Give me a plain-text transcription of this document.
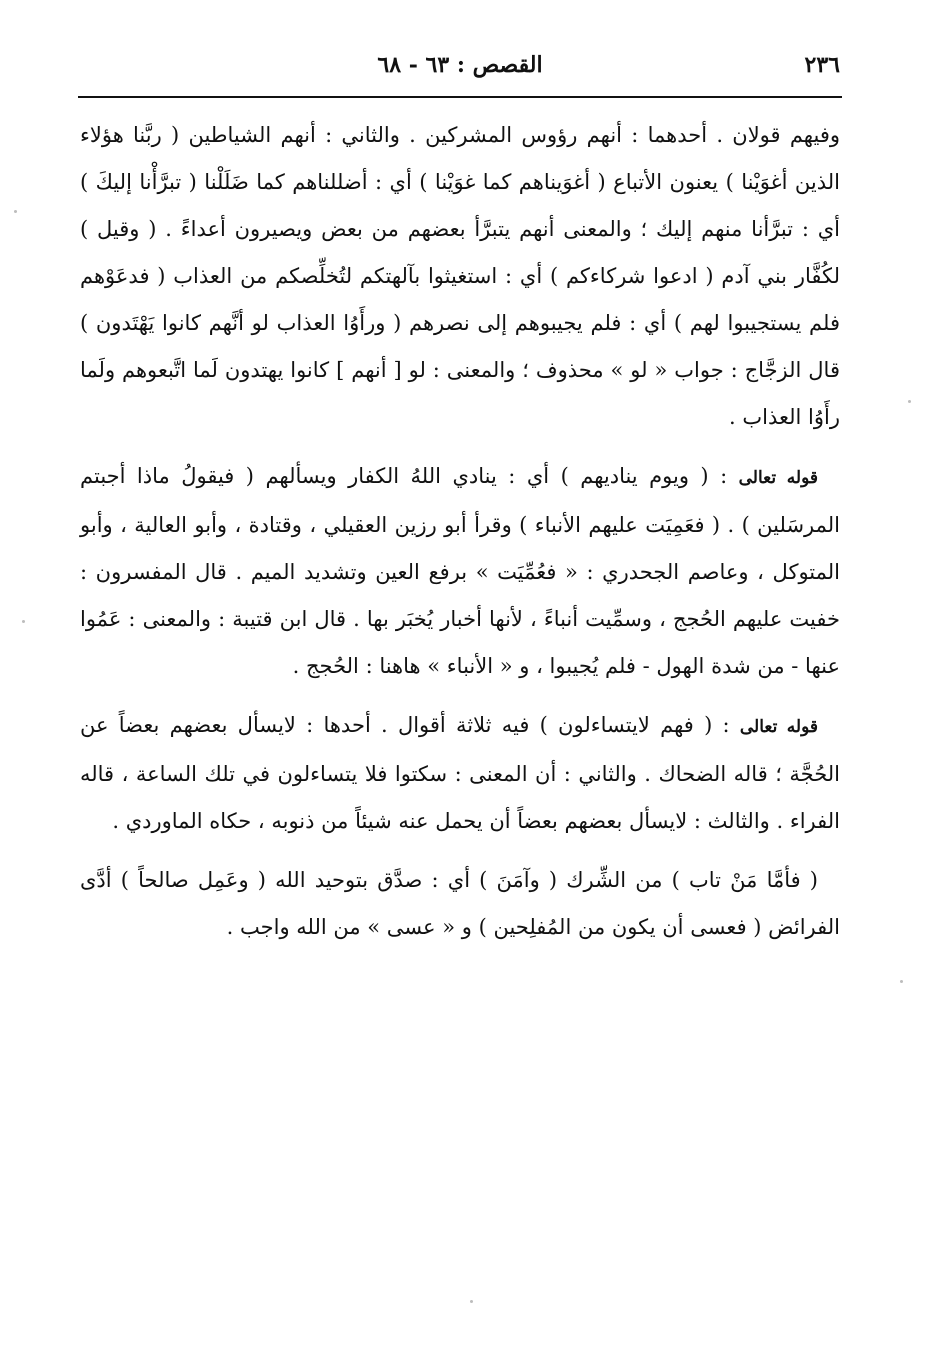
٢٣٦
القصص : ٦٣ - ٦٨

وفيهم قولان . أحدهما : أنهم رؤوس المشركين . والثاني : أنهم الشياطين ( ربَّنا هؤلاء الذين أغوَيْنا ) يعنون الأتباع ( أغوَيناهم كما غوَيْنا ) أي : أضللناهم كما ضَلَلْنا ( تبرَّأْنا إليكَ ) أي : تبرَّأنا منهم إليك ؛ والمعنى أنهم يتبرَّأ بعضهم من بعض ويصيرون أعداءً . ( وقيل ) لكُفَّار بني آدم ( ادعوا شركاءكم ) أي : استغيثوا بآلهتكم لتُخلِّصكم من العذاب ( فدعَوْهم فلم يستجيبوا لهم ) أي : فلم يجيبوهم إلى نصرهم ( ورأَوُا العذاب لو أنَّهم كانوا يَهْتَدون ) قال الزجَّاج : جواب « لو » محذوف ؛ والمعنى : لو [ أنهم ] كانوا يهتدون لَما اتَّبعوهم ولَما رأَوُا العذاب .

قوله تعالى : ( ويوم يناديهم ) أي : ينادي اللهُ الكفار ويسألهم ( فيقولُ ماذا أجبتم المرسَلين ) . ( فعَمِيَت عليهم الأنباء ) وقرأ أبو رزين العقيلي ، وقتادة ، وأبو العالية ، وأبو المتوكل ، وعاصم الجحدري : « فعُمِّيَت » برفع العين وتشديد الميم . قال المفسرون : خفيت عليهم الحُجج ، وسمِّيت أنباءً ، لأنها أخبار يُخبَر بها . قال ابن قتيبة : والمعنى : عَمُوا عنها - من شدة الهول - فلم يُجيبوا ، و « الأنباء » هاهنا : الحُجج .

قوله تعالى : ( فهم لايتساءلون ) فيه ثلاثة أقوال . أحدها : لايسأل بعضهم بعضاً عن الحُجَّة ؛ قاله الضحاك . والثاني : أن المعنى : سكتوا فلا يتساءلون في تلك الساعة ، قاله الفراء . والثالث : لايسأل بعضهم بعضاً أن يحمل عنه شيئاً من ذنوبه ، حكاه الماوردي .

( فأمَّا مَنْ تاب ) من الشِّرك ( وآمَنَ ) أي : صدَّق بتوحيد الله ( وعَمِل صالحاً ) أدَّى الفرائض ( فعسى أن يكون من المُفلِحين ) و « عسى » من الله واجب .
